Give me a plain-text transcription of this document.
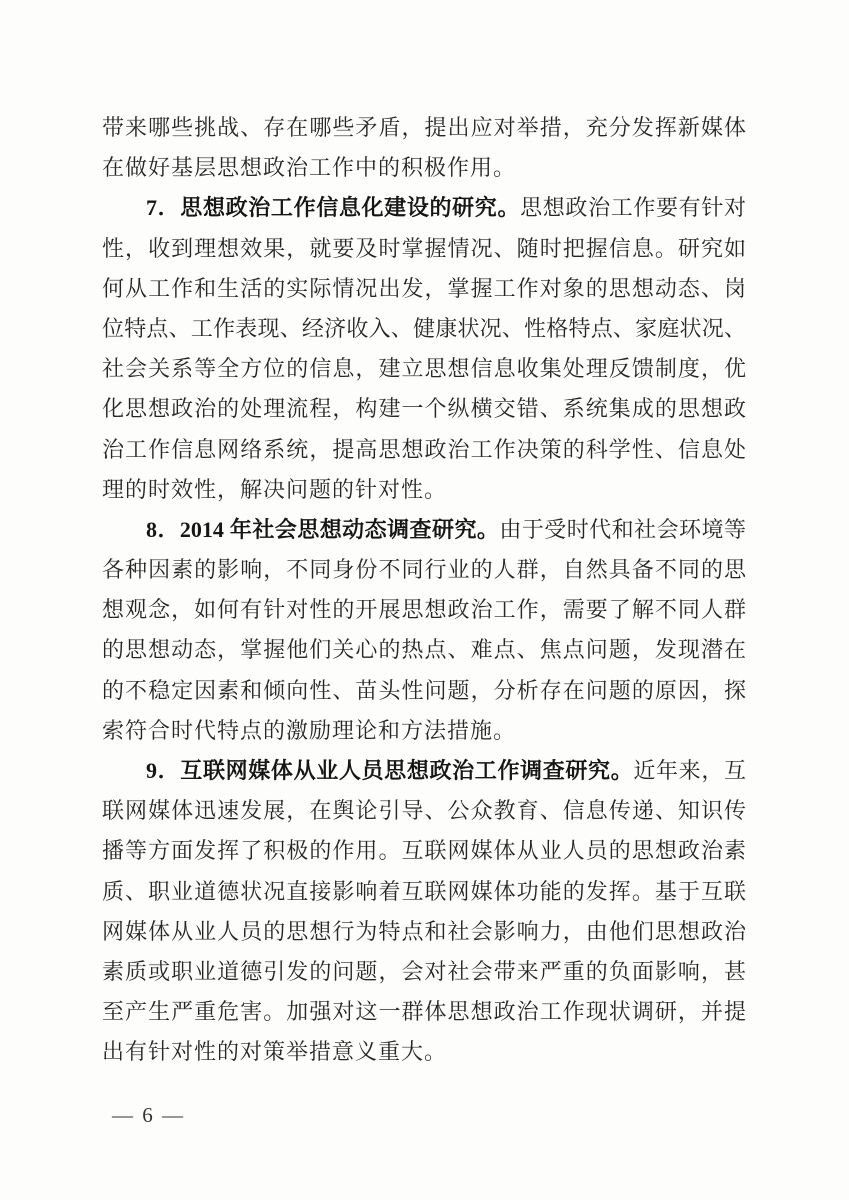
带来哪些挑战、存在哪些矛盾，提出应对举措，充分发挥新媒体
在做好基层思想政治工作中的积极作用。
7．思想政治工作信息化建设的研究。思想政治工作要有针对
性，收到理想效果，就要及时掌握情况、随时把握信息。研究如
何从工作和生活的实际情况出发，掌握工作对象的思想动态、岗
位特点、工作表现、经济收入、健康状况、性格特点、家庭状况、
社会关系等全方位的信息，建立思想信息收集处理反馈制度，优
化思想政治的处理流程，构建一个纵横交错、系统集成的思想政
治工作信息网络系统，提高思想政治工作决策的科学性、信息处
理的时效性，解决问题的针对性。
8．2014 年社会思想动态调查研究。由于受时代和社会环境等
各种因素的影响，不同身份不同行业的人群，自然具备不同的思
想观念，如何有针对性的开展思想政治工作，需要了解不同人群
的思想动态，掌握他们关心的热点、难点、焦点问题，发现潜在
的不稳定因素和倾向性、苗头性问题，分析存在问题的原因，探
索符合时代特点的激励理论和方法措施。
9．互联网媒体从业人员思想政治工作调查研究。近年来，互
联网媒体迅速发展，在舆论引导、公众教育、信息传递、知识传
播等方面发挥了积极的作用。互联网媒体从业人员的思想政治素
质、职业道德状况直接影响着互联网媒体功能的发挥。基于互联
网媒体从业人员的思想行为特点和社会影响力，由他们思想政治
素质或职业道德引发的问题，会对社会带来严重的负面影响，甚
至产生严重危害。加强对这一群体思想政治工作现状调研，并提
出有针对性的对策举措意义重大。
— 6 —
